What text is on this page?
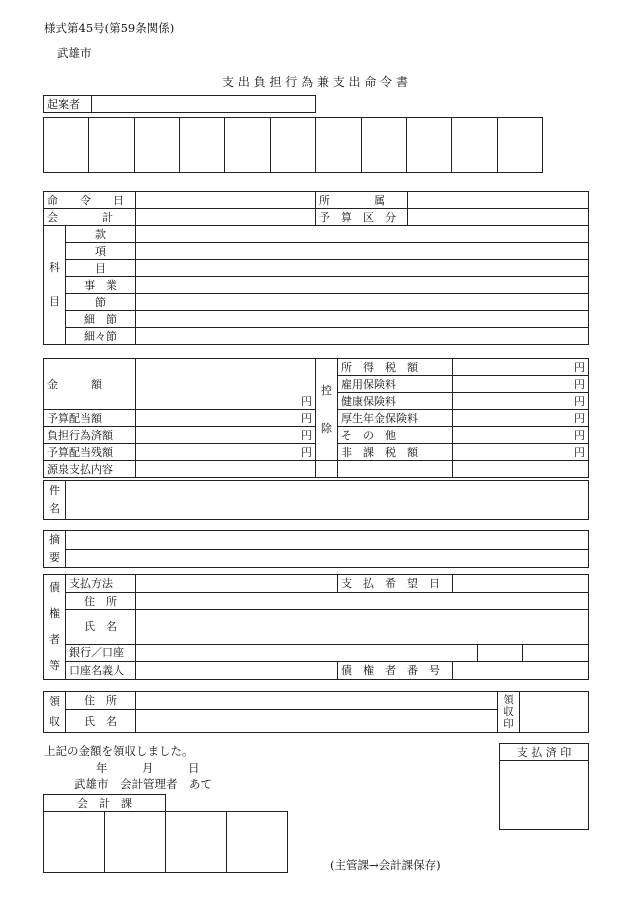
様式第45号(第59条関係)
武雄市
支 出 負 担 行 為 兼 支 出 命 令 書
起案者	

命　　令　　日			所　　　　属	
会　　　　計			予　算　区　分	
科目	款			
	項			
	目			
	事　業			
	節			
	細　節			
	細々節			
金　　　額	円	控除	所　得　税　額	円
			雇用保険料	円
			健康保険料	円
予算配当額	円		厚生年金保険料	円
負担行為済額	円		そ　の　他	円
予算配当残額	円		非　課　税　額	円
源泉支払内容				
件名	
摘要	

債権者等	支払方法		支　払　希　望　日			
	住　所					
	氏　名					
	銀行／口座					
	口座名義人		債　権　者　番　号			
領収	住　所		領収印	
	氏　名			
上記の金額を領収しました。
年　　　月　　　日
武雄市　会計管理者　あて
会　計　課			

支 払 済 印

(主管課→会計課保存)
